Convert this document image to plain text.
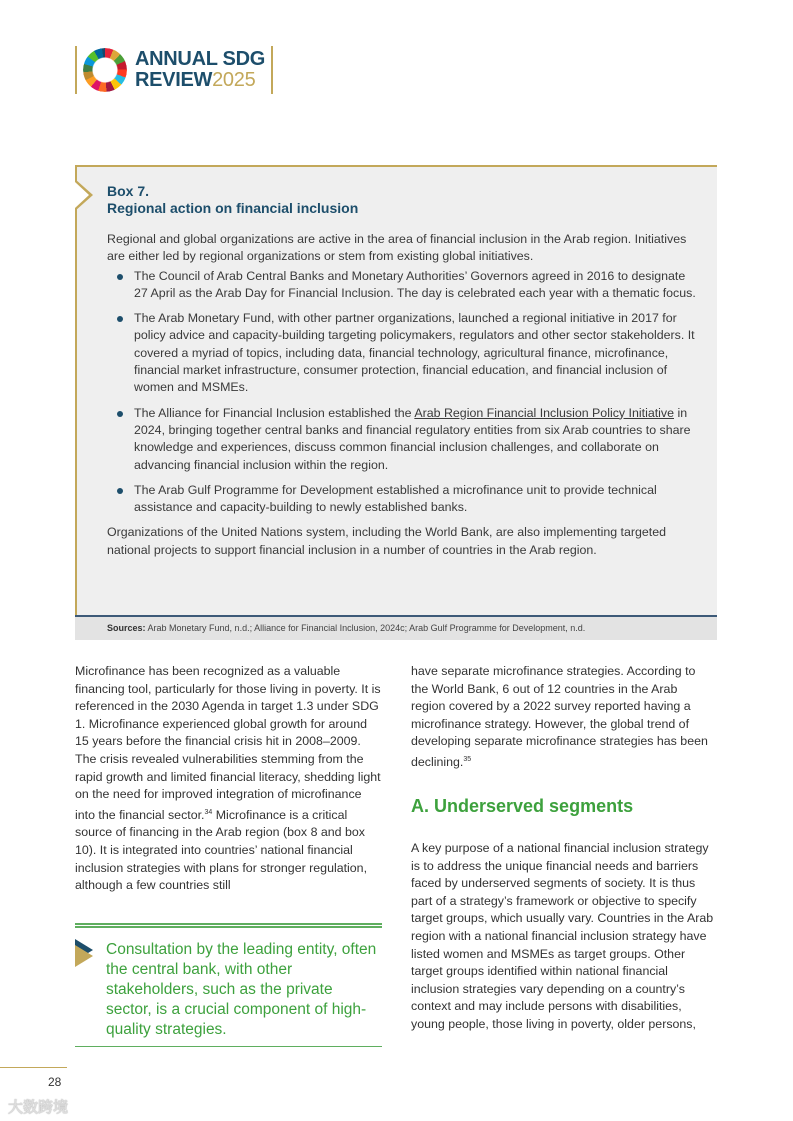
ANNUAL SDG
REVIEW2025
Box 7.
Regional action on financial inclusion

Regional and global organizations are active in the area of financial inclusion in the Arab region. Initiatives are either led by regional organizations or stem from existing global initiatives.

The Council of Arab Central Banks and Monetary Authorities’ Governors agreed in 2016 to designate 27 April as the Arab Day for Financial Inclusion. The day is celebrated each year with a thematic focus.
The Arab Monetary Fund, with other partner organizations, launched a regional initiative in 2017 for policy advice and capacity-building targeting policymakers, regulators and other sector stakeholders. It covered a myriad of topics, including data, financial technology, agricultural finance, microfinance, financial market infrastructure, consumer protection, financial education, and financial inclusion of women and MSMEs.
The Alliance for Financial Inclusion established the Arab Region Financial Inclusion Policy Initiative in 2024, bringing together central banks and financial regulatory entities from six Arab countries to share knowledge and experiences, discuss common financial inclusion challenges, and collaborate on advancing financial inclusion within the region.
The Arab Gulf Programme for Development established a microfinance unit to provide technical assistance and capacity-building to newly established banks.

Organizations of the United Nations system, including the World Bank, are also implementing targeted national projects to support financial inclusion in a number of countries in the Arab region.

Sources: Arab Monetary Fund, n.d.; Alliance for Financial Inclusion, 2024c; Arab Gulf Programme for Development, n.d.
Microfinance has been recognized as a valuable financing tool, particularly for those living in poverty. It is referenced in the 2030 Agenda in target 1.3 under SDG 1. Microfinance experienced global growth for around 15 years before the financial crisis hit in 2008–2009. The crisis revealed vulnerabilities stemming from the rapid growth and limited financial literacy, shedding light on the need for improved integration of microfinance into the financial sector.$^{34}$ Microfinance is a critical source of financing in the Arab region (box 8 and box 10). It is integrated into countries’ national financial inclusion strategies with plans for stronger regulation, although a few countries still
have separate microfinance strategies. According to the World Bank, 6 out of 12 countries in the Arab region covered by a 2022 survey reported having a microfinance strategy. However, the global trend of developing separate microfinance strategies has been declining.$^{35}$
A. Underserved segments
A key purpose of a national financial inclusion strategy is to address the unique financial needs and barriers faced by underserved segments of society. It is thus part of a strategy’s framework or objective to specify target groups, which usually vary. Countries in the Arab region with a national financial inclusion strategy have listed women and MSMEs as target groups. Other target groups identified within national financial inclusion strategies vary depending on a country’s context and may include persons with disabilities, young people, those living in poverty, older persons,
Consultation by the leading entity, often the central bank, with other stakeholders, such as the private sector, is a crucial component of high-quality strategies.
28
大数跨境
